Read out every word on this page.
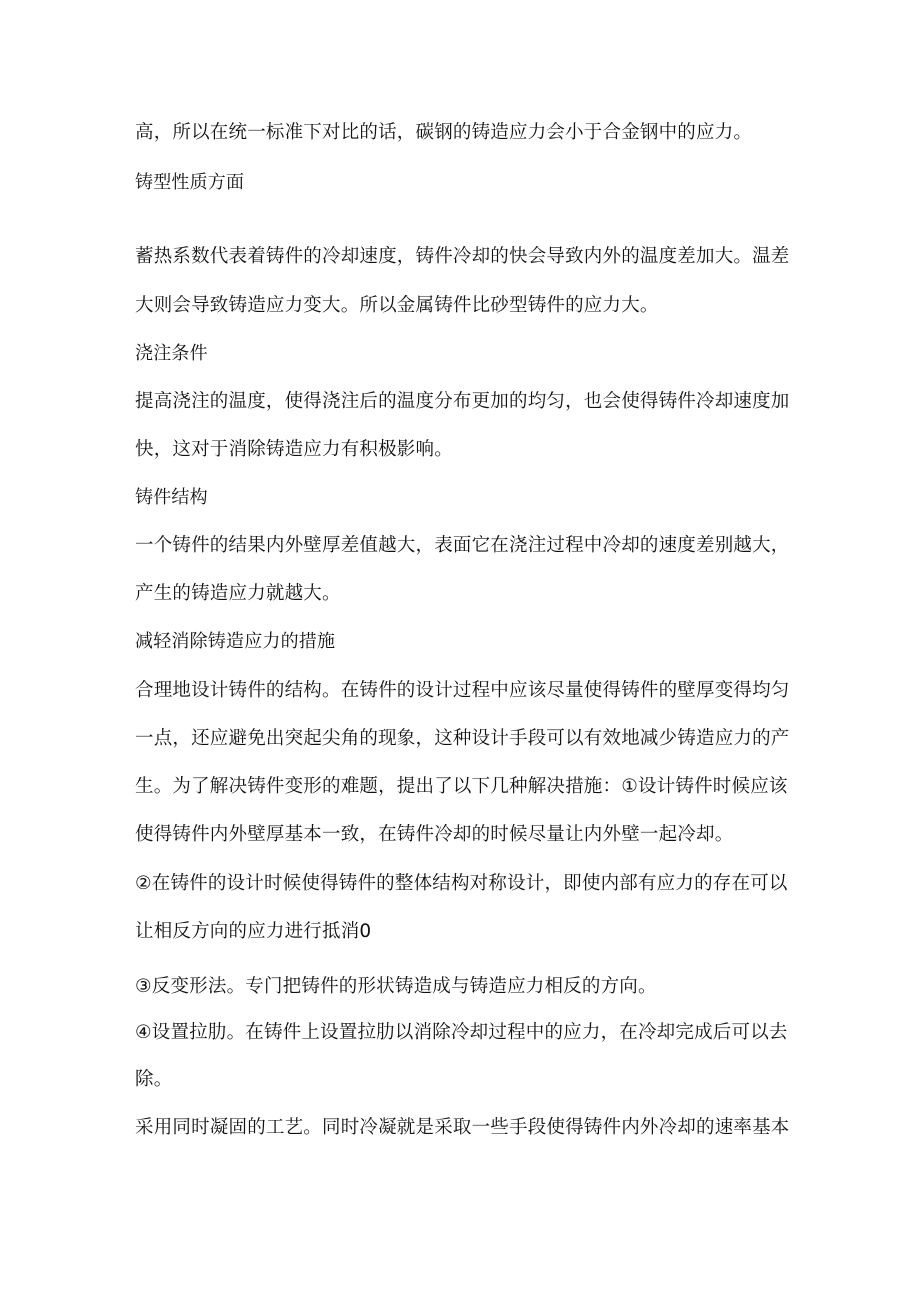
高，所以在统一标准下对比的话，碳钢的铸造应力会小于合金钢中的应力。
铸型性质方面
蓄热系数代表着铸件的冷却速度，铸件冷却的快会导致内外的温度差加大。温差
大则会导致铸造应力变大。所以金属铸件比砂型铸件的应力大。
浇注条件
提高浇注的温度，使得浇注后的温度分布更加的均匀，也会使得铸件冷却速度加
快，这对于消除铸造应力有积极影响。
铸件结构
一个铸件的结果内外壁厚差值越大，表面它在浇注过程中冷却的速度差别越大，
产生的铸造应力就越大。
减轻消除铸造应力的措施
合理地设计铸件的结构。在铸件的设计过程中应该尽量使得铸件的壁厚变得均匀
一点，还应避免出突起尖角的现象，这种设计手段可以有效地减少铸造应力的产
生。为了解决铸件变形的难题，提出了以下几种解决措施：①设计铸件时候应该
使得铸件内外壁厚基本一致，在铸件冷却的时候尽量让内外壁一起冷却。
②在铸件的设计时候使得铸件的整体结构对称设计，即使内部有应力的存在可以
让相反方向的应力进行抵消0
③反变形法。专门把铸件的形状铸造成与铸造应力相反的方向。
④设置拉肋。在铸件上设置拉肋以消除冷却过程中的应力，在冷却完成后可以去
除。
采用同时凝固的工艺。同时冷凝就是采取一些手段使得铸件内外冷却的速率基本
